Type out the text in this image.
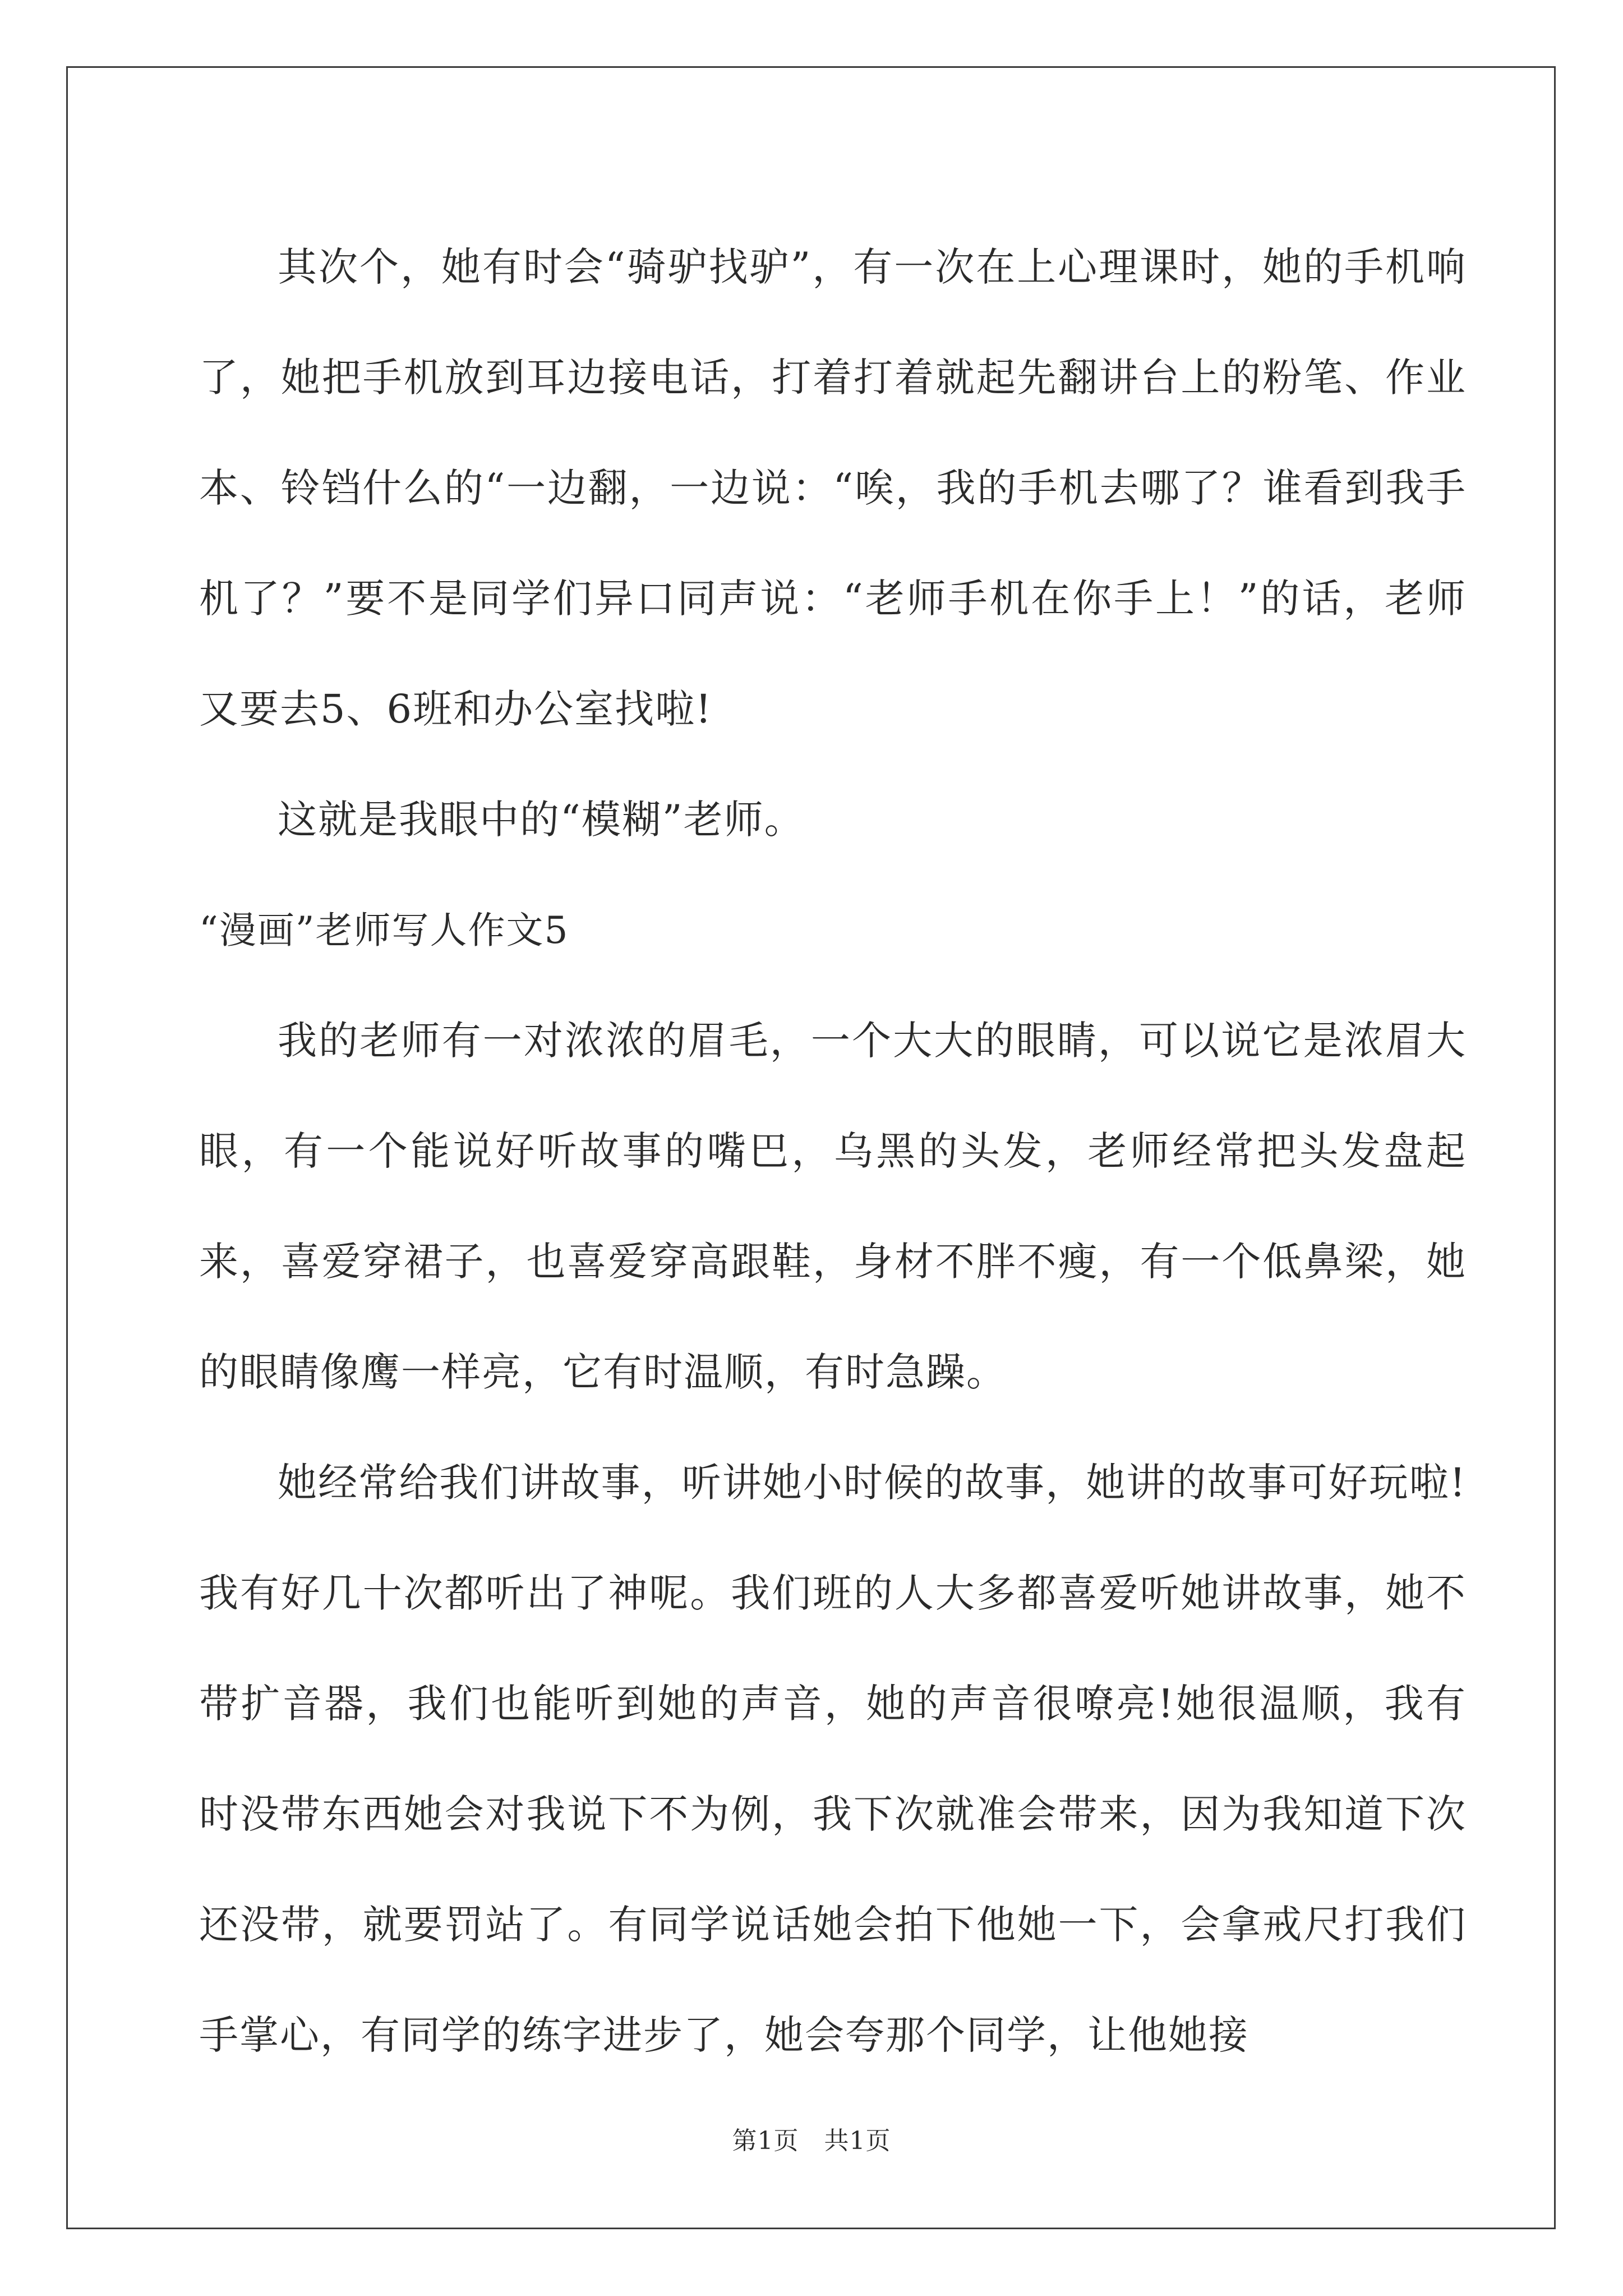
其次个，她有时会“骑驴找驴”，有一次在上心理课时，她的手机响了，她把手机放到耳边接电话，打着打着就起先翻讲台上的粉笔、作业本、铃铛什么的“一边翻，一边说：“唉，我的手机去哪了？谁看到我手机了？”要不是同学们异口同声说：“老师手机在你手上！”的话，老师又要去5、6班和办公室找啦!

这就是我眼中的“模糊”老师。

“漫画”老师写人作文5

我的老师有一对浓浓的眉毛，一个大大的眼睛，可以说它是浓眉大眼，有一个能说好听故事的嘴巴，乌黑的头发，老师经常把头发盘起来，喜爱穿裙子，也喜爱穿高跟鞋，身材不胖不瘦，有一个低鼻梁，她的眼睛像鹰一样亮，它有时温顺，有时急躁。

她经常给我们讲故事，听讲她小时候的故事，她讲的故事可好玩啦!我有好几十次都听出了神呢。我们班的人大多都喜爱听她讲故事，她不带扩音器，我们也能听到她的声音，她的声音很嘹亮!她很温顺，我有时没带东西她会对我说下不为例，我下次就准会带来，因为我知道下次还没带，就要罚站了。有同学说话她会拍下他她一下，会拿戒尺打我们手掌心，有同学的练字进步了，她会夸那个同学，让他她接

第1页　共1页
